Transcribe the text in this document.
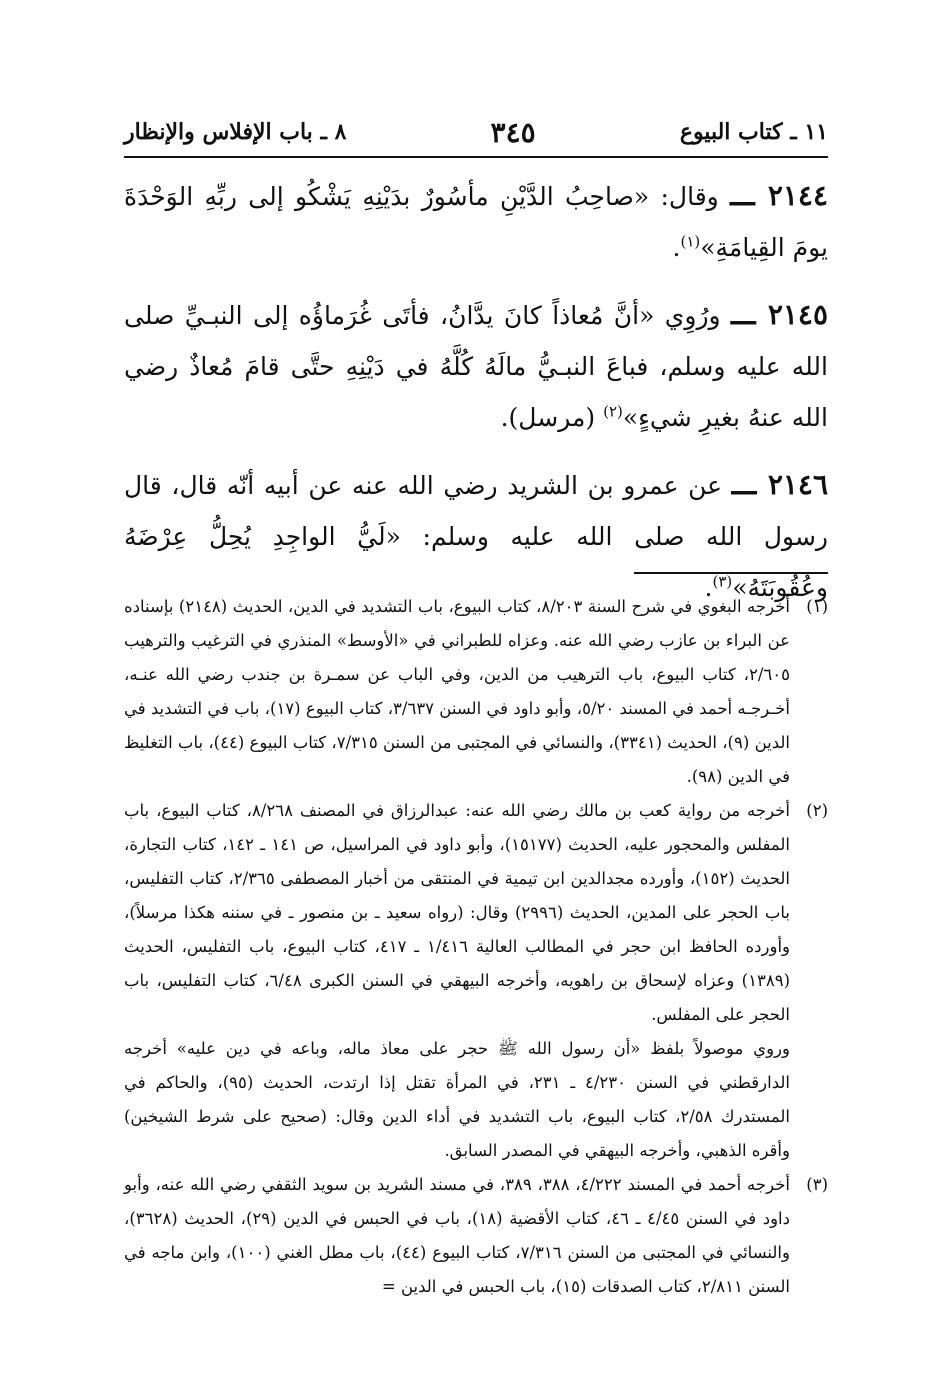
١١ ـ كتاب البيوع
٣٤٥
٨ ـ باب الإفلاس والإنظار

٢١٤٤ ـــ وقال: «صاحِبُ الدَّيْنِ مأسُورٌ بدَيْنِهِ يَشْكُو إلى ربِّهِ الوَحْدَةَ يومَ القِيامَةِ»$^{(١)}$.

٢١٤٥ ـــ ورُوِي «أنَّ مُعاذاً كانَ يدَّانُ، فأتَى غُرَماؤُه إلى النبـيِّ صلى الله عليه وسلم، فباعَ النبـيُّ مالَهُ كُلَّهُ في دَيْنِهِ حتَّى قامَ مُعاذٌ رضي الله عنهُ بغيرِ شيءٍ»$^{(٢)}$ (مرسل).

٢١٤٦ ـــ عن عمرو بن الشريد رضي الله عنه عن أبيه أنّه قال، قال رسول الله صلى الله عليه وسلم: «لَيُّ الواجِدِ يُحِلُّ عِرْضَهُ وعُقُوبَتَهُ»$^{(٣)}$.

(١)

أخرجه البغوي في شرح السنة ٨/٢٠٣، كتاب البيوع، باب التشديد في الدين، الحديث (٢١٤٨) بإسناده عن البراء بن عازب رضي الله عنه. وعزاه للطبراني في «الأوسط» المنذري في الترغيب والترهيب ٢/٦٠٥، كتاب البيوع، باب الترهيب من الدين، وفي الباب عن سمـرة بن جندب رضي الله عنـه، أخـرجـه أحمد في المسند ٥/٢٠، وأبو داود في السنن ٣/٦٣٧، كتاب البيوع (١٧)، باب في التشديد في الدين (٩)، الحديث (٣٣٤١)، والنسائي في المجتبى من السنن ٧/٣١٥، كتاب البيوع (٤٤)، باب التغليظ في الدين (٩٨).

(٢)

أخرجه من رواية كعب بن مالك رضي الله عنه: عبدالرزاق في المصنف ٨/٢٦٨، كتاب البيوع، باب المفلس والمحجور عليه، الحديث (١٥١٧٧)، وأبو داود في المراسيل، ص ١٤١ ـ ١٤٢، كتاب التجارة، الحديث (١٥٢)، وأورده مجدالدين ابن تيمية في المنتقى من أخبار المصطفى ٢/٣٦٥، كتاب التفليس، باب الحجر على المدين، الحديث (٢٩٩٦) وقال: (رواه سعيد ـ بن منصور ـ في سننه هكذا مرسلاً)، وأورده الحافظ ابن حجر في المطالب العالية ١/٤١٦ ـ ٤١٧، كتاب البيوع، باب التفليس، الحديث (١٣٨٩) وعزاه لإسحاق بن راهويه، وأخرجه البيهقي في السنن الكبرى ٦/٤٨، كتاب التفليس، باب الحجر على المفلس.

وروي موصولاً بلفظ «أن رسول الله ﷺ حجر على معاذ ماله، وباعه في دين عليه» أخرجه الدارقطني في السنن ٤/٢٣٠ ـ ٢٣١، في المرأة تقتل إذا ارتدت، الحديث (٩٥)، والحاكم في المستدرك ٢/٥٨، كتاب البيوع، باب التشديد في أداء الدين وقال: (صحيح على شرط الشيخين) وأقره الذهبي، وأخرجه البيهقي في المصدر السابق.

(٣)

أخرجه أحمد في المسند ٤/٢٢٢، ٣٨٨، ٣٨٩، في مسند الشريد بن سويد الثقفي رضي الله عنه، وأبو داود في السنن ٤/٤٥ ـ ٤٦، كتاب الأقضية (١٨)، باب في الحبس في الدين (٢٩)، الحديث (٣٦٢٨)، والنسائي في المجتبى من السنن ٧/٣١٦، كتاب البيوع (٤٤)، باب مطل الغني (١٠٠)، وابن ماجه في السنن ٢/٨١١، كتاب الصدقات (١٥)، باب الحبس في الدين =
